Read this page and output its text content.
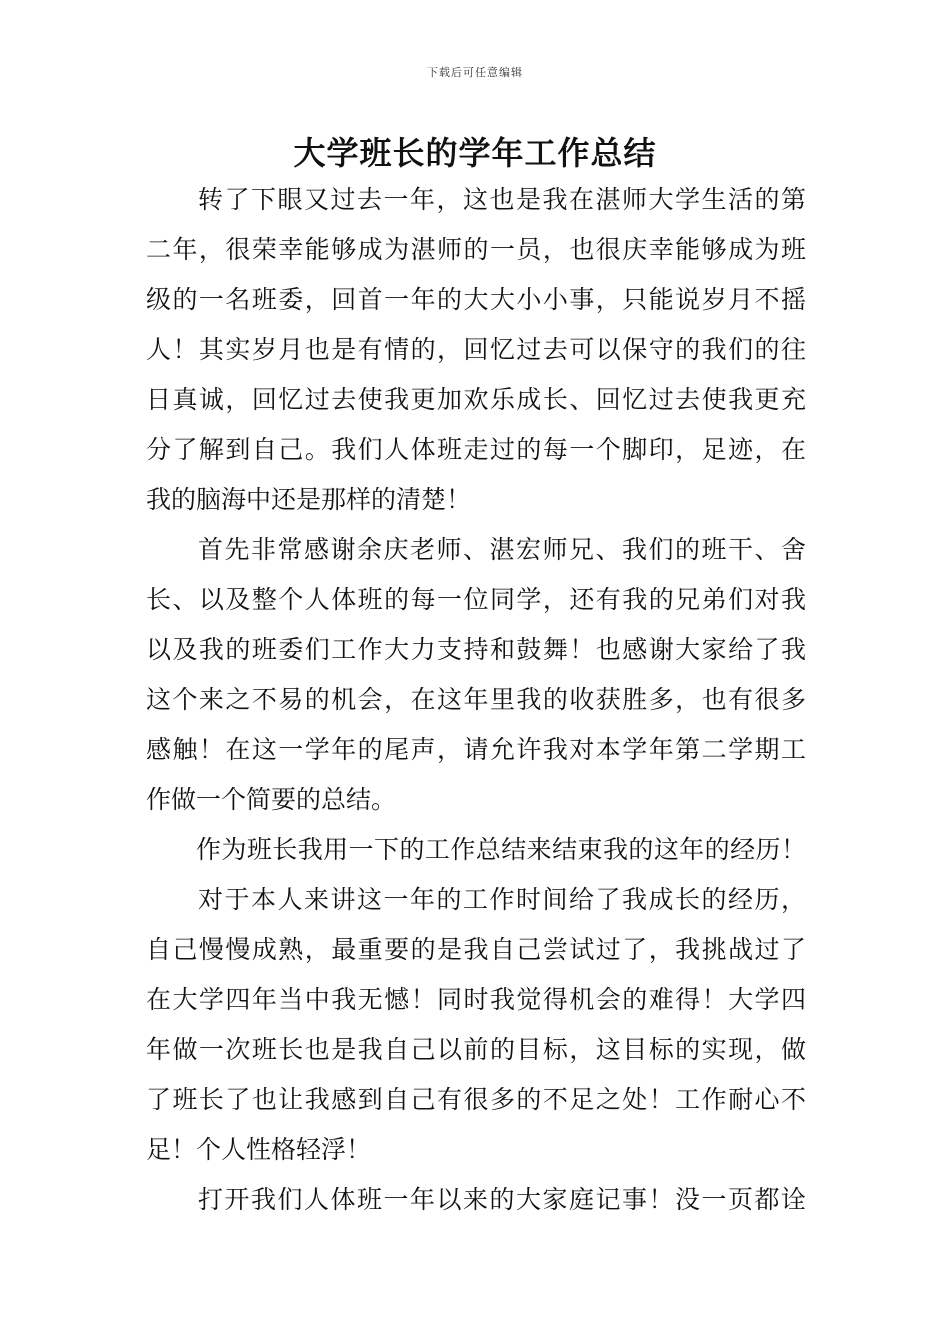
下载后可任意编辑
大学班长的学年工作总结
转了下眼又过去一年，这也是我在湛师大学生活的第
二年，很荣幸能够成为湛师的一员，也很庆幸能够成为班
级的一名班委，回首一年的大大小小事，只能说岁月不摇
人！其实岁月也是有情的，回忆过去可以保守的我们的往
日真诚，回忆过去使我更加欢乐成长、回忆过去使我更充
分了解到自己。我们人体班走过的每一个脚印，足迹，在
我的脑海中还是那样的清楚！
首先非常感谢余庆老师、湛宏师兄、我们的班干、舍
长、以及整个人体班的每一位同学，还有我的兄弟们对我
以及我的班委们工作大力支持和鼓舞！也感谢大家给了我
这个来之不易的机会，在这年里我的收获胜多，也有很多
感触！在这一学年的尾声，请允许我对本学年第二学期工
作做一个简要的总结。
作为班长我用一下的工作总结来结束我的这年的经历！
对于本人来讲这一年的工作时间给了我成长的经历，
自己慢慢成熟，最重要的是我自己尝试过了，我挑战过了
在大学四年当中我无憾！同时我觉得机会的难得！大学四
年做一次班长也是我自己以前的目标，这目标的实现，做
了班长了也让我感到自己有很多的不足之处！工作耐心不
足！个人性格轻浮！
打开我们人体班一年以来的大家庭记事！没一页都诠
